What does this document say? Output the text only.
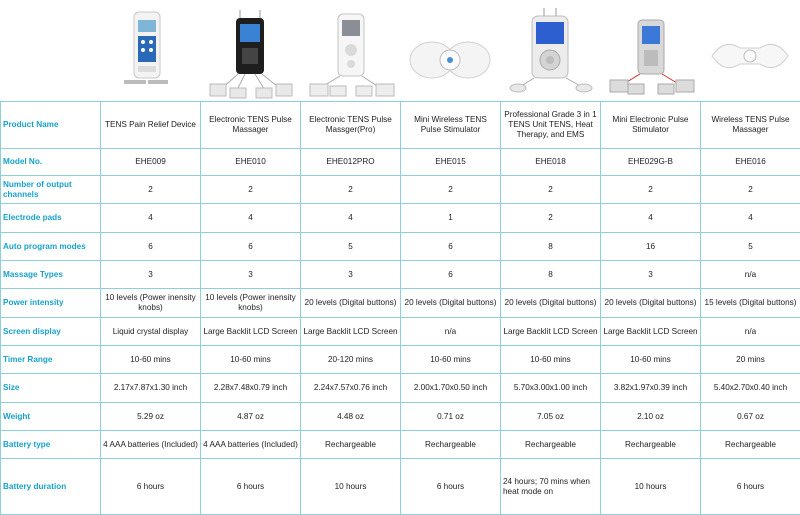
Product Name	TENS Pain Relief Device	Electronic TENS Pulse Massager	Electronic TENS Pulse Massger(Pro)	Mini Wireless TENS Pulse Stimulator	Professional Grade 3 in 1 TENS Unit TENS, Heat Therapy, and EMS	Mini Electronic Pulse Stimulator	Wireless TENS Pulse Massager
Model No.	EHE009	EHE010	EHE012PRO	EHE015	EHE018	EHE029G-B	EHE016
Number of output channels	2	2	2	2	2	2	2
Electrode pads	4	4	4	1	2	4	4
Auto program modes	6	6	5	6	8	16	5
Massage Types	3	3	3	6	8	3	n/a
Power intensity	10 levels (Power inensity knobs)	10 levels (Power inensity knobs)	20 levels (Digital buttons)	20 levels (Digital buttons)	20 levels (Digital buttons)	20 levels (Digital buttons)	15 levels (Digital buttons)
Screen display	Liquid crystal display	Large Backlit LCD Screen	Large Backlit LCD Screen	n/a	Large Backlit LCD Screen	Large Backlit LCD Screen	n/a
Timer Range	10-60 mins	10-60 mins	20-120 mins	10-60 mins	10-60 mins	10-60 mins	20 mins
Size	2.17x7.87x1.30 inch	2.28x7.48x0.79 inch	2.24x7.57x0.76 inch	2.00x1.70x0.50 inch	5.70x3.00x1.00 inch	3.82x1.97x0.39 inch	5.40x2.70x0.40 inch
Weight	5.29 oz	4.87 oz	4.48 oz	0.71 oz	7.05 oz	2.10 oz	0.67 oz
Battery type	4 AAA batteries (Included)	4 AAA batteries (Included)	Rechargeable	Rechargeable	Rechargeable	Rechargeable	Rechargeable
Battery duration	6 hours	6 hours	10 hours	6 hours	24 hours; 70 mins when heat mode on	10 hours	6 hours
